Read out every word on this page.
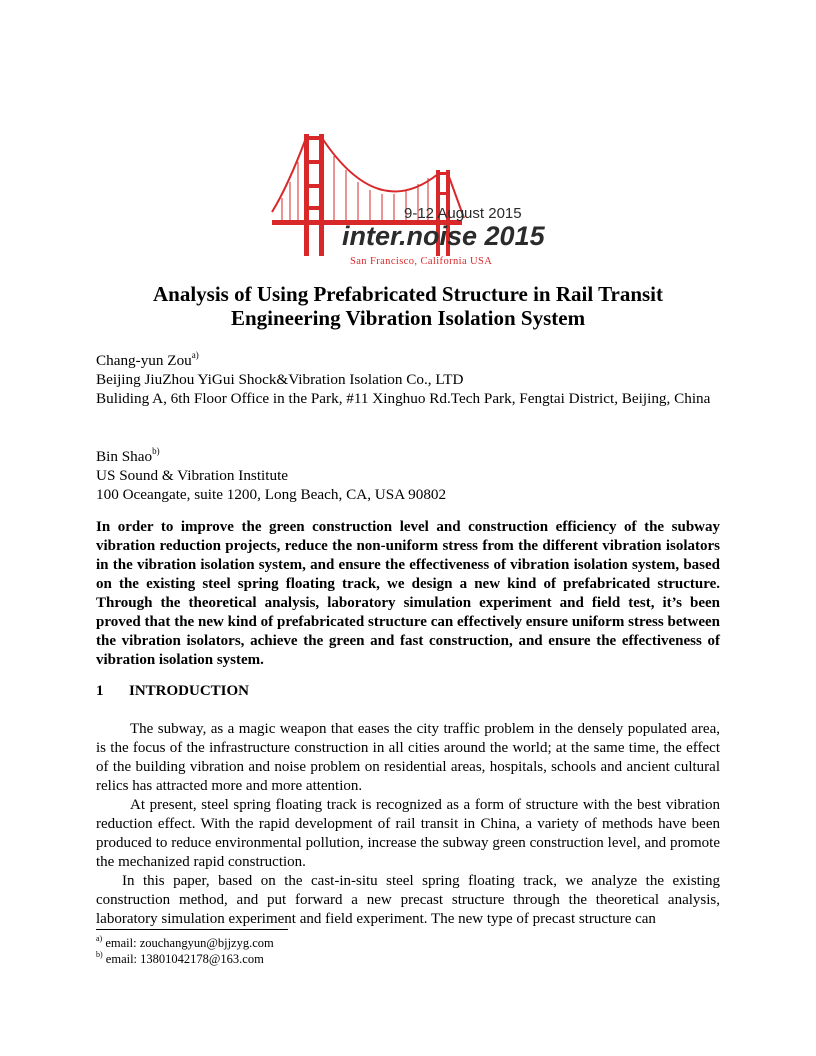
9-12 August 2015
inter.noise 2015
San Francisco, California USA
Analysis of Using Prefabricated Structure in Rail Transit
Engineering Vibration Isolation System

Chang-yun Zou$^{a)}$

Beijing JiuZhou YiGui Shock&Vibration Isolation Co., LTD

Buliding A, 6th Floor Office in the Park, #11 Xinghuo Rd.Tech Park, Fengtai District, Beijing, China

Bin Shao$^{b)}$

US Sound & Vibration Institute

100 Oceangate, suite 1200, Long Beach, CA, USA 90802

In order to improve the green construction level and construction efficiency of the subway vibration reduction projects, reduce the non-uniform stress from the different vibration isolators in the vibration isolation system, and ensure the effectiveness of vibration isolation system, based on the existing steel spring floating track, we design a new kind of prefabricated structure. Through the theoretical analysis, laboratory simulation experiment and field test, it’s been proved that the new kind of prefabricated structure can effectively ensure uniform stress between the vibration isolators, achieve the green and fast construction, and ensure the effectiveness of vibration isolation system.
1 INTRODUCTION

The subway, as a magic weapon that eases the city traffic problem in the densely populated area, is the focus of the infrastructure construction in all cities around the world; at the same time, the effect of the building vibration and noise problem on residential areas, hospitals, schools and ancient cultural relics has attracted more and more attention.

At present, steel spring floating track is recognized as a form of structure with the best vibration reduction effect. With the rapid development of rail transit in China, a variety of methods have been produced to reduce environmental pollution, increase the subway green construction level, and promote the mechanized rapid construction.

In this paper, based on the cast-in-situ steel spring floating track, we analyze the existing construction method, and put forward a new precast structure through the theoretical analysis, laboratory simulation experiment and field experiment. The new type of precast structure can

$^{a)}$ email: zouchangyun@bjjzyg.com
$^{b)}$ email: 13801042178@163.com
